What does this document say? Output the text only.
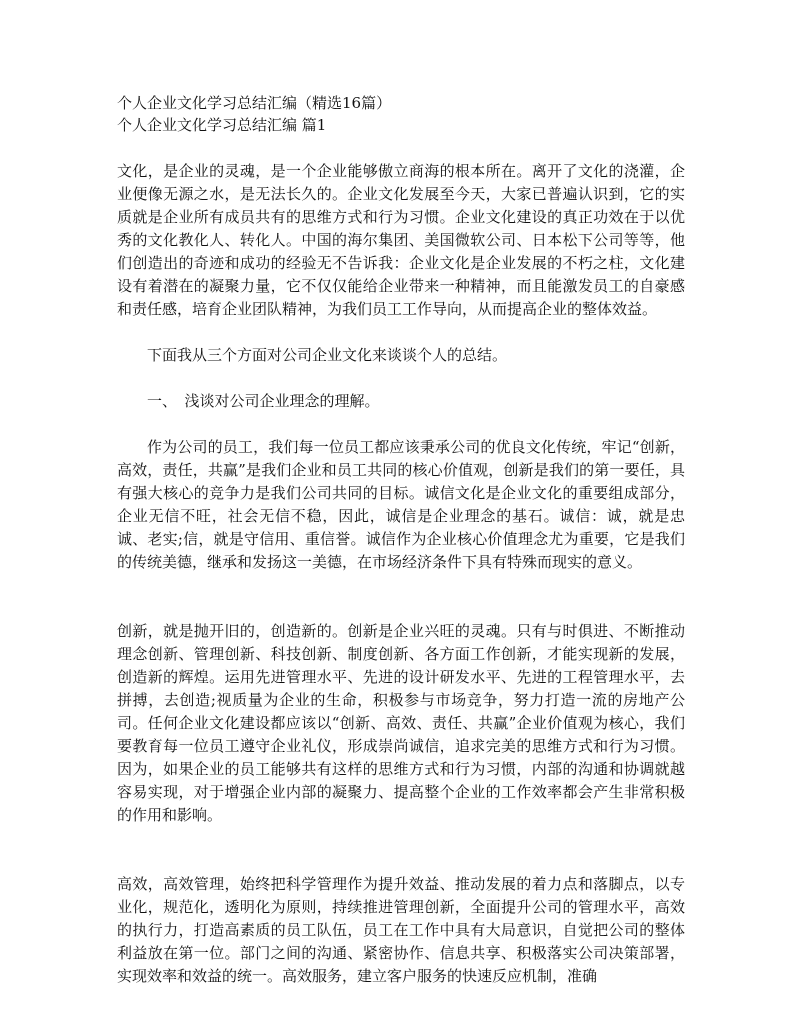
个人企业文化学习总结汇编（精选16篇）

个人企业文化学习总结汇编 篇1

文化，是企业的灵魂，是一个企业能够傲立商海的根本所在。离开了文化的浇灌，企业便像无源之水，是无法长久的。企业文化发展至今天，大家已普遍认识到，它的实质就是企业所有成员共有的思维方式和行为习惯。企业文化建设的真正功效在于以优秀的文化教化人、转化人。中国的海尔集团、美国微软公司、日本松下公司等等，他们创造出的奇迹和成功的经验无不告诉我：企业文化是企业发展的不朽之柱，文化建设有着潜在的凝聚力量，它不仅仅能给企业带来一种精神，而且能激发员工的自豪感和责任感，培育企业团队精神，为我们员工工作导向，从而提高企业的整体效益。

下面我从三个方面对公司企业文化来谈谈个人的总结。

一、　浅谈对公司企业理念的理解。

作为公司的员工，我们每一位员工都应该秉承公司的优良文化传统，牢记“创新，高效，责任，共赢”是我们企业和员工共同的核心价值观，创新是我们的第一要任，具有强大核心的竞争力是我们公司共同的目标。诚信文化是企业文化的重要组成部分，企业无信不旺，社会无信不稳，因此，诚信是企业理念的基石。诚信：诚，就是忠诚、老实;信，就是守信用、重信誉。诚信作为企业核心价值理念尤为重要，它是我们的传统美德，继承和发扬这一美德，在市场经济条件下具有特殊而现实的意义。

创新，就是抛开旧的，创造新的。创新是企业兴旺的灵魂。只有与时俱进、不断推动理念创新、管理创新、科技创新、制度创新、各方面工作创新，才能实现新的发展，创造新的辉煌。运用先进管理水平、先进的设计研发水平、先进的工程管理水平，去拼搏，去创造;视质量为企业的生命，积极参与市场竞争，努力打造一流的房地产公司。任何企业文化建设都应该以“创新、高效、责任、共赢”企业价值观为核心，我们要教育每一位员工遵守企业礼仪，形成崇尚诚信，追求完美的思维方式和行为习惯。因为，如果企业的员工能够共有这样的思维方式和行为习惯，内部的沟通和协调就越容易实现，对于增强企业内部的凝聚力、提高整个企业的工作效率都会产生非常积极的作用和影响。

高效，高效管理，始终把科学管理作为提升效益、推动发展的着力点和落脚点，以专业化，规范化，透明化为原则，持续推进管理创新，全面提升公司的管理水平，高效的执行力，打造高素质的员工队伍，员工在工作中具有大局意识，自觉把公司的整体利益放在第一位。部门之间的沟通、紧密协作、信息共享、积极落实公司决策部署，实现效率和效益的统一。高效服务，建立客户服务的快速反应机制，准确
